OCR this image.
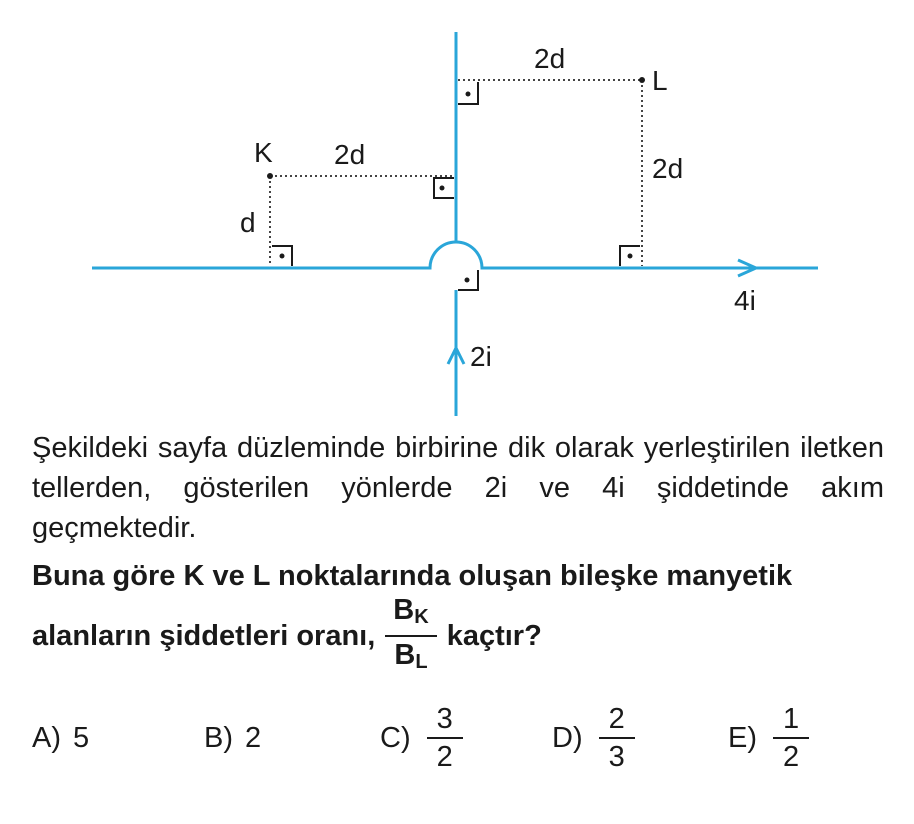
K
L
d
2d
2d
2d
2i
4i
Şekildeki sayfa düzleminde birbirine dik olarak yerleştirilen iletken tellerden, gösterilen yönlerde 2i ve 4i şiddetinde akım geçmektedir.
Buna göre K ve L noktalarında oluşan bileşke manyetik
alanların şiddetleri oranı, $\frac{B_K}{B_L}$ kaçtır?
A) 5	B) 2	$C) \frac{3}{2}$	$D) \frac{2}{3}$	$E) \frac{1}{2}$
